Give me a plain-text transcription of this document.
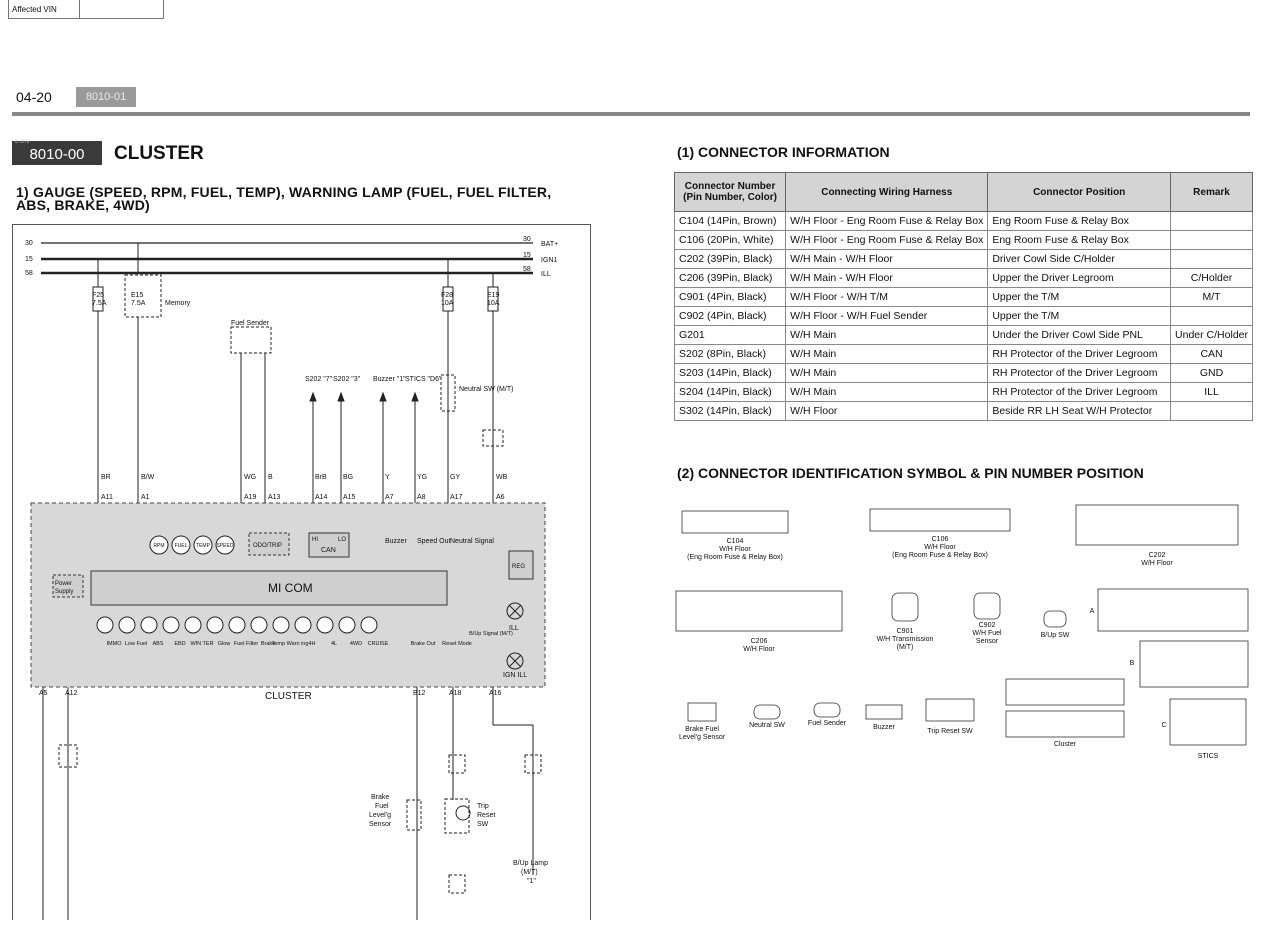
Affected VIN
04-20	8010-01
C O N
8010-00	CLUSTER
1) GAUGE (SPEED, RPM, FUEL, TEMP), WARNING LAMP (FUEL, FUEL FILTER, ABS, BRAKE, 4WD)
RPM FUEL TEMP SPEED
IMMO Low Fuel ABS EBD WIN TER Glow Fuel Filter Brake
Temp Warn ing 4H	4L 4WD CRUISE	Brake Out Reset Mode
B/Up Signal (M/T)
30
15
58
30
15
58
BAT+
IGN1
ILL
F25
7.5A
E15
7.5A	Memory
F28
10A
E19
10A
Fuel Sender
S202 "7" S202 "3" Buzzer "1" STICS "D6"
Neutral SW (M/T)
BR	B/W	WG B	BrB BG	Y	YG	GY	WB
A11	A1	A19 A13	A14 A15	A7	A8	A17	A6
Buzzer Speed Out Neutral Signal
ODO/TRIP
HI	LO
CAN
REG
Power
Supply	MI COM
ILL
IGN ILL
CLUSTER
A5 A12	B12	A18	A16
Brake
Fuel
Level'g
Sensor
Trip
Reset
SW
B/Up Lamp
(M/T)
"1"
(1) CONNECTOR INFORMATION
Connector Number (Pin Number, Color)	Connecting Wiring Harness	Connector Position	Remark
C104 (14Pin, Brown)	W/H Floor - Eng Room Fuse & Relay Box	Eng Room Fuse & Relay Box	
C106 (20Pin, White)	W/H Floor - Eng Room Fuse & Relay Box	Eng Room Fuse & Relay Box	
C202 (39Pin, Black)	W/H Main - W/H Floor	Driver Cowl Side C/Holder	
C206 (39Pin, Black)	W/H Main - W/H Floor	Upper the Driver Legroom	C/Holder
C901 (4Pin, Black)	W/H Floor - W/H T/M	Upper the T/M	M/T
C902 (4Pin, Black)	W/H Floor - W/H Fuel Sender	Upper the T/M	
G201	W/H Main	Under the Driver Cowl Side PNL	Under C/Holder
S202 (8Pin, Black)	W/H Main	RH Protector of the Driver Legroom	CAN
S203 (14Pin, Black)	W/H Main	RH Protector of the Driver Legroom	GND
S204 (14Pin, Black)	W/H Main	RH Protector of the Driver Legroom	ILL
S302 (14Pin, Black)	W/H Floor	Beside RR LH Seat W/H Protector	
(2) CONNECTOR IDENTIFICATION SYMBOL & PIN NUMBER POSITION
C104
W/H Floor
(Eng Room Fuse & Relay Box)
C106
W/H Floor
(Eng Room Fuse & Relay Box)	C202
W/H Floor
C206
W/H Floor
C901
W/H Transmission
(M/T)
C902
W/H Fuel
Sensor
B/Up SW
Brake Fuel
Level'g Sensor
Neutral SW	Fuel Sender
Buzzer
Trip Reset SW
Cluster
STICS
A
B
C
